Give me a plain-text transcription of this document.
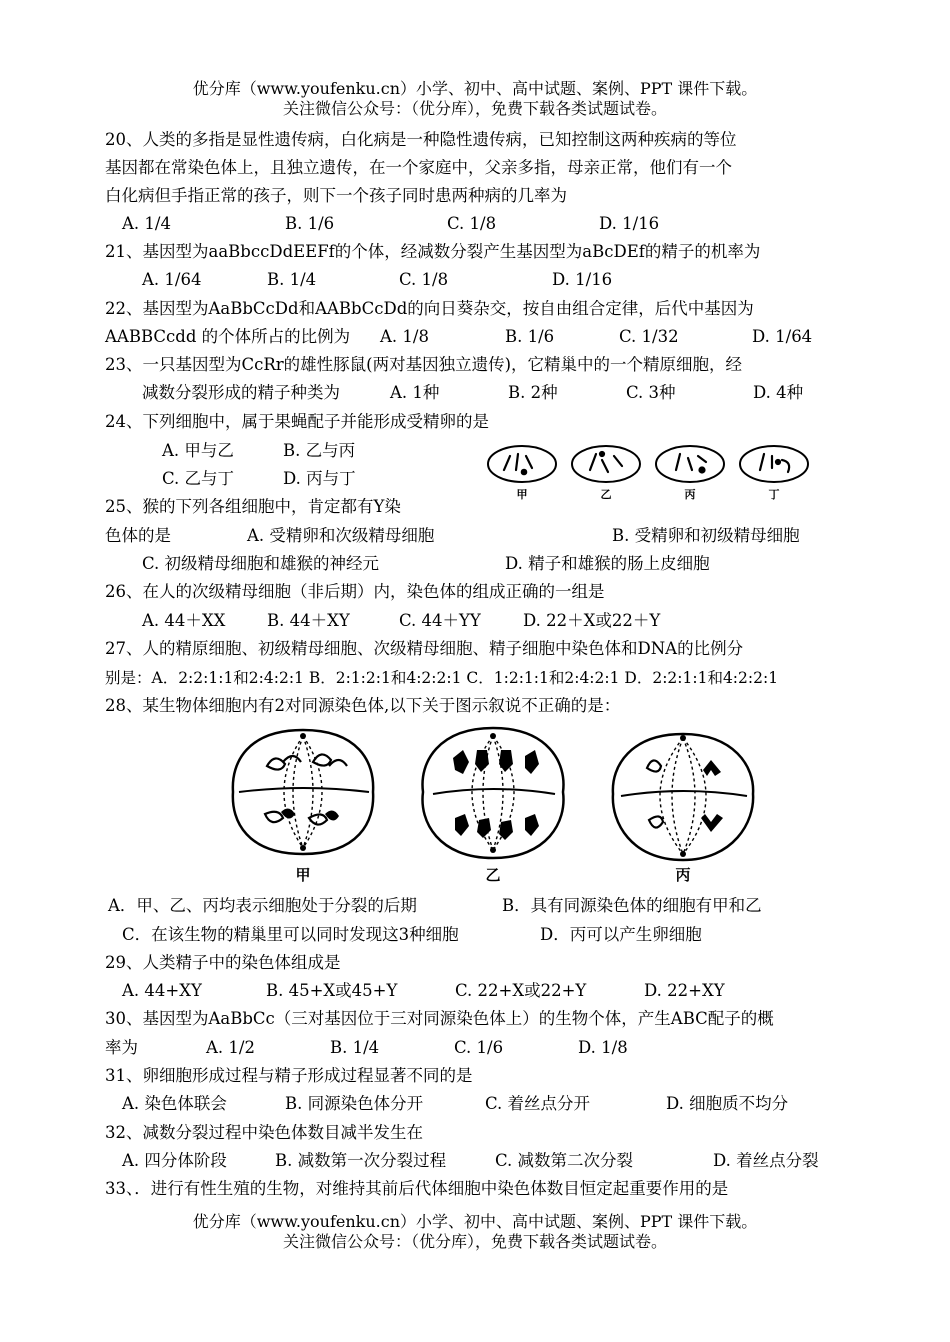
优分库（www.youfenku.cn）小学、初中、高中试题、案例、PPT 课件下载。
关注微信公众号：（优分库），免费下载各类试题试卷。
20、人类的多指是显性遗传病，白化病是一种隐性遗传病，已知控制这两种疾病的等位
基因都在常染色体上，且独立遗传，在一个家庭中，父亲多指，母亲正常，他们有一个
白化病但手指正常的孩子，则下一个孩子同时患两种病的几率为
A. 1/4	B. 1/6	C. 1/8	D. 1/16
21、基因型为aaBbccDdEEFf的个体，经减数分裂产生基因型为aBcDEf的精子的机率为
A. 1/64	B. 1/4	C. 1/8	D. 1/16
22、基因型为AaBbCcDd和AABbCcDd的向日葵杂交，按自由组合定律，后代中基因为
AABBCcdd 的个体所占的比例为 A. 1/8	B. 1/6	C. 1/32	D. 1/64
23、一只基因型为CcRr的雄性豚鼠(两对基因独立遗传)，它精巢中的一个精原细胞，经
减数分裂形成的精子种类为	A. 1种	B. 2种	C. 3种	D. 4种
24、下列细胞中，属于果蝇配子并能形成受精卵的是
A. 甲与乙	B. 乙与丙
C. 乙与丁	D. 丙与丁
甲	乙	丙	丁
25、猴的下列各组细胞中，肯定都有Y染
色体的是	A. 受精卵和次级精母细胞	B. 受精卵和初级精母细胞
C. 初级精母细胞和雄猴的神经元	D. 精子和雄猴的肠上皮细胞
26、在人的次级精母细胞（非后期）内，染色体的组成正确的一组是
A. 44＋XX	B. 44＋XY	C. 44＋YY	D. 22＋X或22＋Y
27、人的精原细胞、初级精母细胞、次级精母细胞、精子细胞中染色体和DNA的比例分
别是：A．2:2:1:1和2:4:2:1 B．2:1:2:1和4:2:2:1 C．1:2:1:1和2:4:2:1 D．2:2:1:1和4:2:2:1
28、某生物体细胞内有2对同源染色体,以下关于图示叙说不正确的是：
甲	乙	丙
A．甲、乙、丙均表示细胞处于分裂的后期	B．具有同源染色体的细胞有甲和乙
C．在该生物的精巢里可以同时发现这3种细胞	D．丙可以产生卵细胞
29、人类精子中的染色体组成是
A. 44+XY	B. 45+X或45+Y	C. 22+X或22+Y	D. 22+XY
30、基因型为AaBbCc（三对基因位于三对同源染色体上）的生物个体，产生ABC配子的概
率为	A. 1/2	B. 1/4	C. 1/6	D. 1/8
31、卵细胞形成过程与精子形成过程显著不同的是
A. 染色体联会	B. 同源染色体分开	C. 着丝点分开	D. 细胞质不均分
32、减数分裂过程中染色体数目减半发生在
A. 四分体阶段	B. 减数第一次分裂过程	C. 减数第二次分裂	D. 着丝点分裂
33、．进行有性生殖的生物，对维持其前后代体细胞中染色体数目恒定起重要作用的是
优分库（www.youfenku.cn）小学、初中、高中试题、案例、PPT 课件下载。
关注微信公众号：（优分库），免费下载各类试题试卷。
